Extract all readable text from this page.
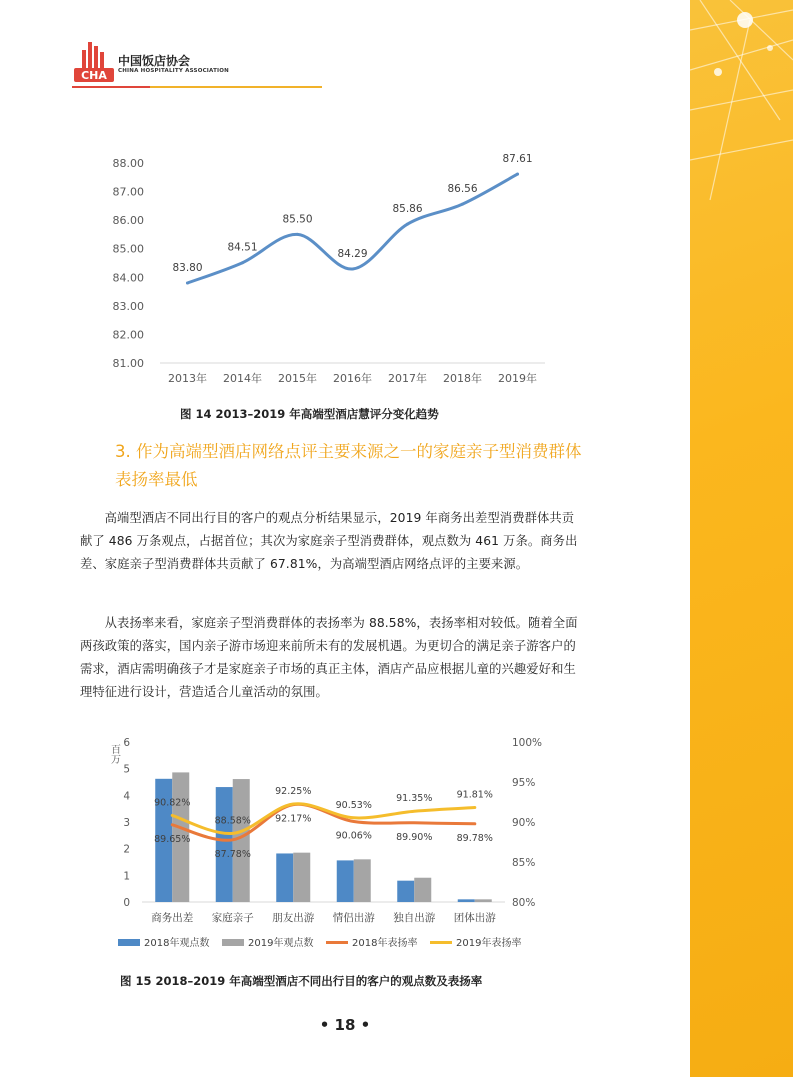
CHA
中国饭店协会
CHINA HOSPITALITY ASSOCIATION
81.00
82.00
83.00
84.00
85.00
86.00
87.00
88.00
2013年 2014年 2015年 2016年 2017年 2018年 2019年
83.80
84.51
85.50
84.29
85.86
86.56
87.61
图 14 2013–2019 年高端型酒店慧评分变化趋势
3. 作为高端型酒店网络点评主要来源之一的家庭亲子型消费群体表扬率最低
高端型酒店不同出行目的客户的观点分析结果显示，2019 年商务出差型消费群体共贡献了 486 万条观点，占据首位；其次为家庭亲子型消费群体，观点数为 461 万条。商务出差、家庭亲子型消费群体共贡献了 67.81%，为高端型酒店网络点评的主要来源。
从表扬率来看，家庭亲子型消费群体的表扬率为 88.58%，表扬率相对较低。随着全面两孩政策的落实，国内亲子游市场迎来前所未有的发展机遇。为更切合的满足亲子游客户的需求，酒店需明确孩子才是家庭亲子市场的真正主体，酒店产品应根据儿童的兴趣爱好和生理特征进行设计，营造适合儿童活动的氛围。
百万
0
1
2
3
4
5
6
80%
85%
90%
95%
100%
商务出差 家庭亲子 朋友出游 情侣出游 独自出游 团体出游
90.82%
89.65%
88.58%
87.78%
92.25%
92.17%
90.53%
90.06%
91.35%
89.90%
91.81%
89.78%
2018年观点数	2019年观点数	2018年表扬率	2019年表扬率
图 15 2018–2019 年高端型酒店不同出行目的客户的观点数及表扬率
• 18 •
